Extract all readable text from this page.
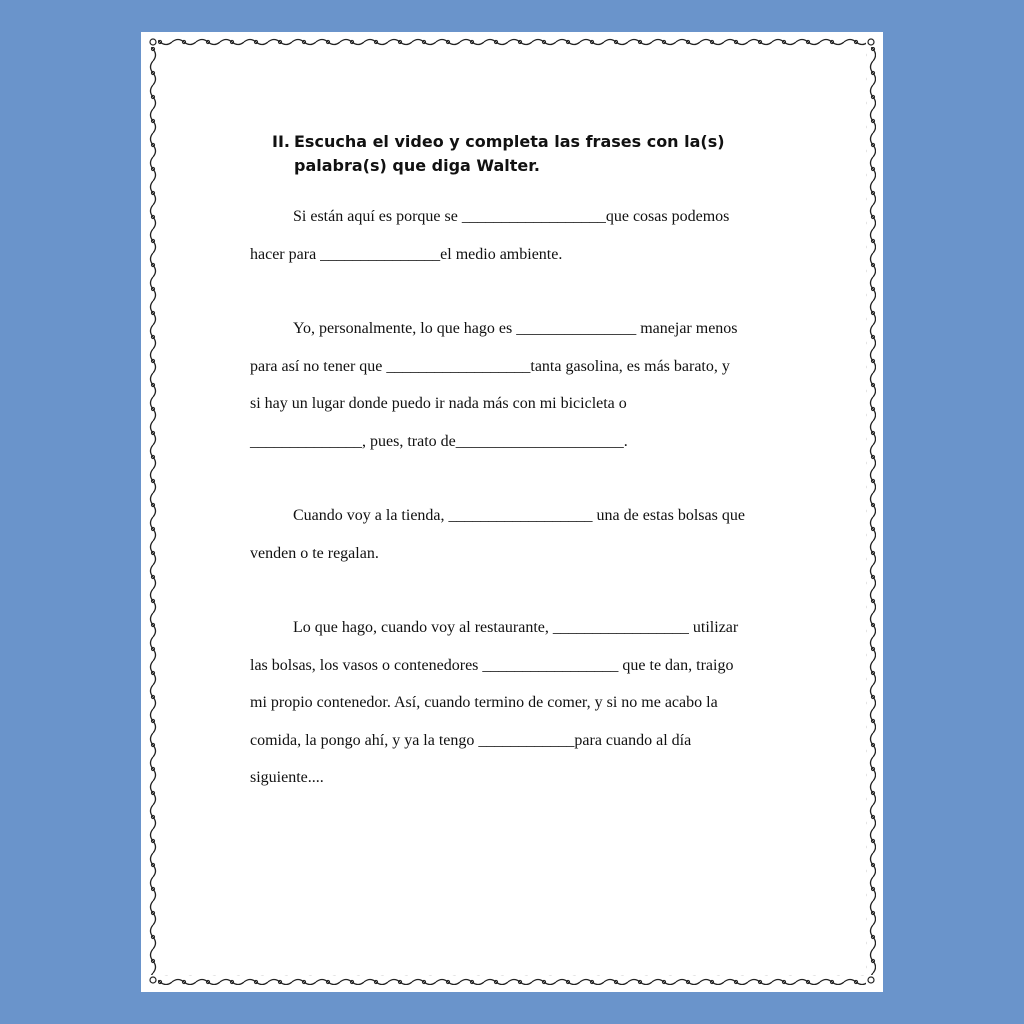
II. Escucha el video y completa las frases con la(s) palabra(s) que diga Walter.
Si están aquí es porque se __________________que cosas podemos
hacer para _______________el medio ambiente.
Yo, personalmente, lo que hago es _______________ manejar menos
para así no tener que __________________tanta gasolina, es más barato, y
si hay un lugar donde puedo ir nada más con mi bicicleta o
______________, pues, trato de_____________________.
Cuando voy a la tienda, __________________ una de estas bolsas que
venden o te regalan.
Lo que hago, cuando voy al restaurante, _________________ utilizar
las bolsas, los vasos o contenedores _________________ que te dan, traigo
mi propio contenedor. Así, cuando termino de comer, y si no me acabo la
comida, la pongo ahí, y ya la tengo ____________para cuando al día
siguiente....
